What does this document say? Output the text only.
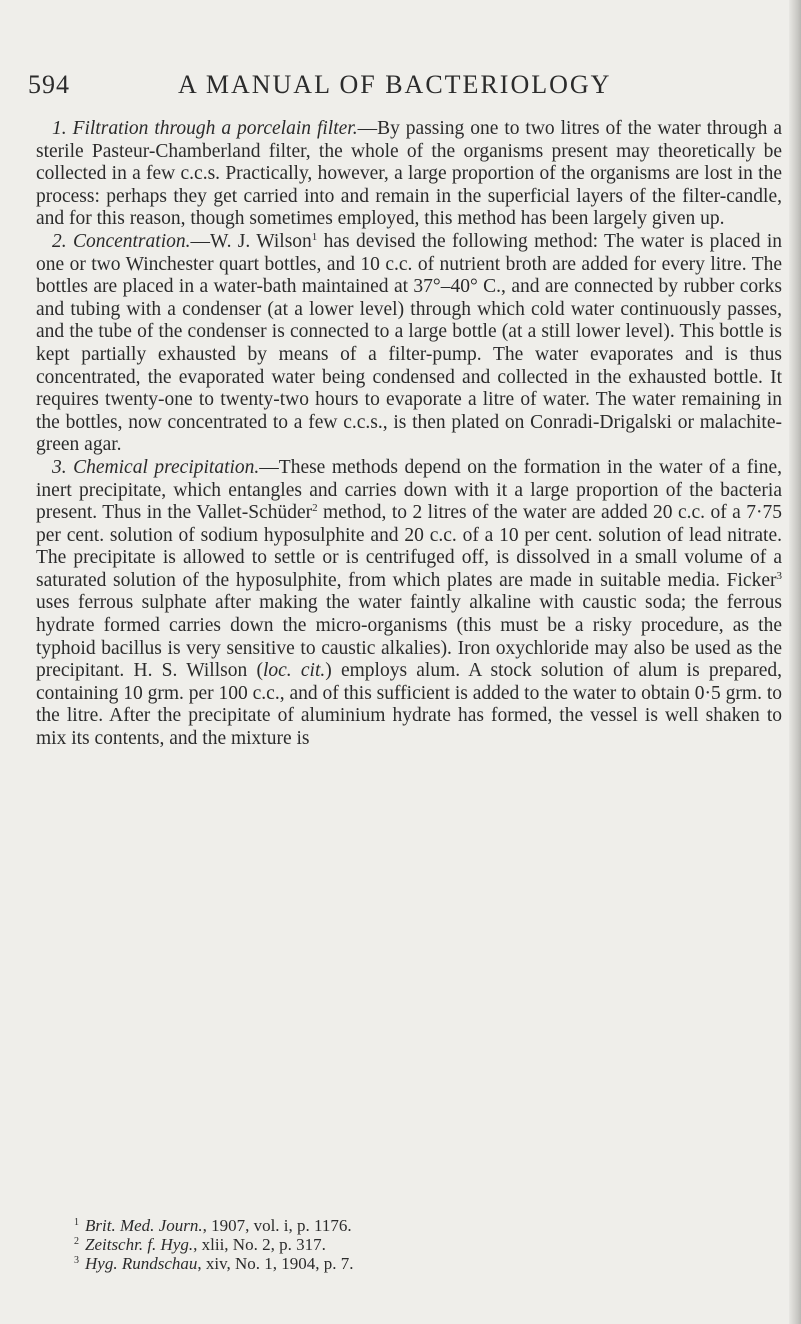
594	A MANUAL OF BACTERIOLOGY

1. Filtration through a porcelain filter.—By passing one to two litres of the water through a sterile Pasteur-Chamberland filter, the whole of the organisms present may theoretically be collected in a few c.c.s. Practically, however, a large proportion of the organisms are lost in the process: perhaps they get carried into and remain in the superficial layers of the filter-candle, and for this reason, though sometimes employed, this method has been largely given up.

2. Concentration.—W. J. Wilson$^1$ has devised the following method: The water is placed in one or two Winchester quart bottles, and 10 c.c. of nutrient broth are added for every litre. The bottles are placed in a water-bath maintained at 37°–40° C., and are connected by rubber corks and tubing with a condenser (at a lower level) through which cold water continuously passes, and the tube of the condenser is connected to a large bottle (at a still lower level). This bottle is kept partially exhausted by means of a filter-pump. The water evaporates and is thus concentrated, the evaporated water being condensed and collected in the exhausted bottle. It requires twenty-one to twenty-two hours to evaporate a litre of water. The water remaining in the bottles, now concentrated to a few c.c.s., is then plated on Conradi-Drigalski or malachite-green agar.

3. Chemical precipitation.—These methods depend on the formation in the water of a fine, inert precipitate, which entangles and carries down with it a large proportion of the bacteria present. Thus in the Vallet-Schüder$^2$ method, to 2 litres of the water are added 20 c.c. of a 7·75 per cent. solution of sodium hyposulphite and 20 c.c. of a 10 per cent. solution of lead nitrate. The precipitate is allowed to settle or is centrifuged off, is dissolved in a small volume of a saturated solution of the hyposulphite, from which plates are made in suitable media. Ficker$^3$ uses ferrous sulphate after making the water faintly alkaline with caustic soda; the ferrous hydrate formed carries down the micro-organisms (this must be a risky procedure, as the typhoid bacillus is very sensitive to caustic alkalies). Iron oxychloride may also be used as the precipitant. H. S. Willson (loc. cit.) employs alum. A stock solution of alum is prepared, containing 10 grm. per 100 c.c., and of this sufficient is added to the water to obtain 0·5 grm. to the litre. After the precipitate of aluminium hydrate has formed, the vessel is well shaken to mix its contents, and the mixture is

$^1$ Brit. Med. Journ., 1907, vol. i, p. 1176.

$^2$ Zeitschr. f. Hyg., xlii, No. 2, p. 317.

$^3$ Hyg. Rundschau, xiv, No. 1, 1904, p. 7.
